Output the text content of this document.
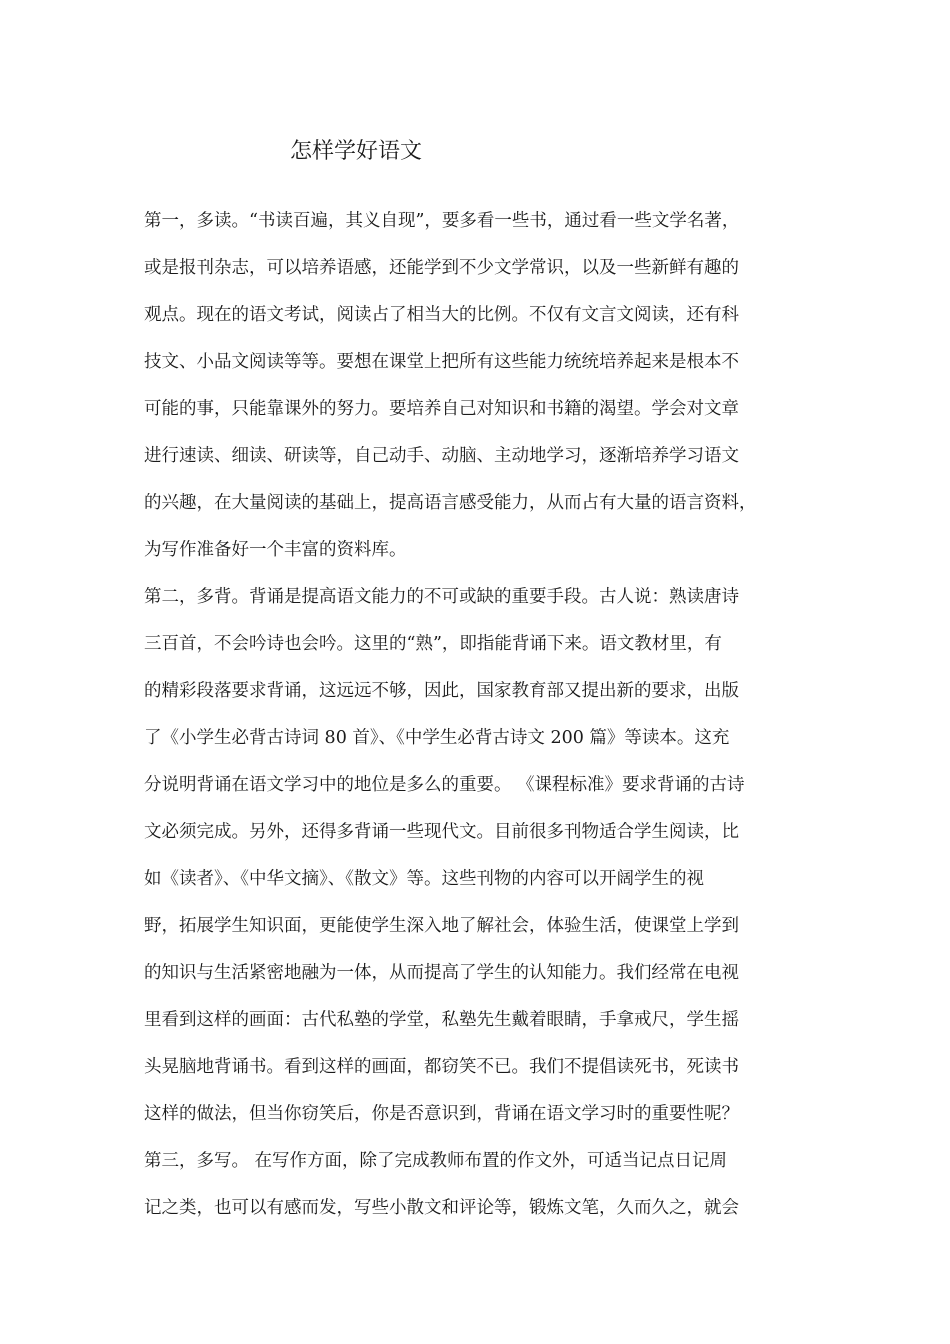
怎样学好语文
第一，多读。“书读百遍，其义自现”，要多看一些书，通过看一些文学名著，
或是报刊杂志，可以培养语感，还能学到不少文学常识，以及一些新鲜有趣的
观点。现在的语文考试，阅读占了相当大的比例。不仅有文言文阅读，还有科
技文、小品文阅读等等。要想在课堂上把所有这些能力统统培养起来是根本不
可能的事，只能靠课外的努力。要培养自己对知识和书籍的渴望。学会对文章
进行速读、细读、研读等，自己动手、动脑、主动地学习，逐渐培养学习语文
的兴趣，在大量阅读的基础上，提高语言感受能力，从而占有大量的语言资料，
为写作准备好一个丰富的资料库。
第二，多背。背诵是提高语文能力的不可或缺的重要手段。古人说：熟读唐诗
三百首，不会吟诗也会吟。这里的“熟”，即指能背诵下来。语文教材里，有
的精彩段落要求背诵，这远远不够，因此，国家教育部又提出新的要求，出版
了《小学生必背古诗词 80 首》、《中学生必背古诗文 200 篇》等读本。这充
分说明背诵在语文学习中的地位是多么的重要。 《课程标准》要求背诵的古诗
文必须完成。另外，还得多背诵一些现代文。目前很多刊物适合学生阅读，比
如《读者》、《中华文摘》、《散文》等。这些刊物的内容可以开阔学生的视
野，拓展学生知识面，更能使学生深入地了解社会，体验生活，使课堂上学到
的知识与生活紧密地融为一体，从而提高了学生的认知能力。我们经常在电视
里看到这样的画面：古代私塾的学堂，私塾先生戴着眼睛，手拿戒尺，学生摇
头晃脑地背诵书。看到这样的画面，都窃笑不已。我们不提倡读死书，死读书
这样的做法，但当你窃笑后，你是否意识到，背诵在语文学习时的重要性呢？
第三，多写。 在写作方面，除了完成教师布置的作文外，可适当记点日记周
记之类，也可以有感而发，写些小散文和评论等，锻炼文笔，久而久之，就会
